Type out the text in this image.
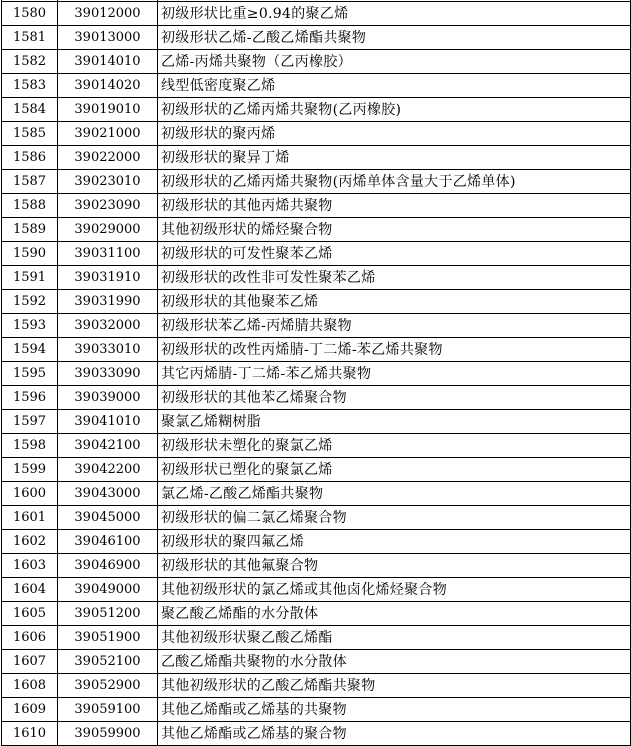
1580	39012000	初级形状比重≥0.94的聚乙烯
1581	39013000	初级形状乙烯-乙酸乙烯酯共聚物
1582	39014010	乙烯-丙烯共聚物（乙丙橡胶）
1583	39014020	线型低密度聚乙烯
1584	39019010	初级形状的乙烯丙烯共聚物(乙丙橡胶)
1585	39021000	初级形状的聚丙烯
1586	39022000	初级形状的聚异丁烯
1587	39023010	初级形状的乙烯丙烯共聚物(丙烯单体含量大于乙烯单体)
1588	39023090	初级形状的其他丙烯共聚物
1589	39029000	其他初级形状的烯烃聚合物
1590	39031100	初级形状的可发性聚苯乙烯
1591	39031910	初级形状的改性非可发性聚苯乙烯
1592	39031990	初级形状的其他聚苯乙烯
1593	39032000	初级形状苯乙烯-丙烯腈共聚物
1594	39033010	初级形状的改性丙烯腈-丁二烯-苯乙烯共聚物
1595	39033090	其它丙烯腈-丁二烯-苯乙烯共聚物
1596	39039000	初级形状的其他苯乙烯聚合物
1597	39041010	聚氯乙烯糊树脂
1598	39042100	初级形状未塑化的聚氯乙烯
1599	39042200	初级形状已塑化的聚氯乙烯
1600	39043000	氯乙烯-乙酸乙烯酯共聚物
1601	39045000	初级形状的偏二氯乙烯聚合物
1602	39046100	初级形状的聚四氟乙烯
1603	39046900	初级形状的其他氟聚合物
1604	39049000	其他初级形状的氯乙烯或其他卤化烯烃聚合物
1605	39051200	聚乙酸乙烯酯的水分散体
1606	39051900	其他初级形状聚乙酸乙烯酯
1607	39052100	乙酸乙烯酯共聚物的水分散体
1608	39052900	其他初级形状的乙酸乙烯酯共聚物
1609	39059100	其他乙烯酯或乙烯基的共聚物
1610	39059900	其他乙烯酯或乙烯基的聚合物
